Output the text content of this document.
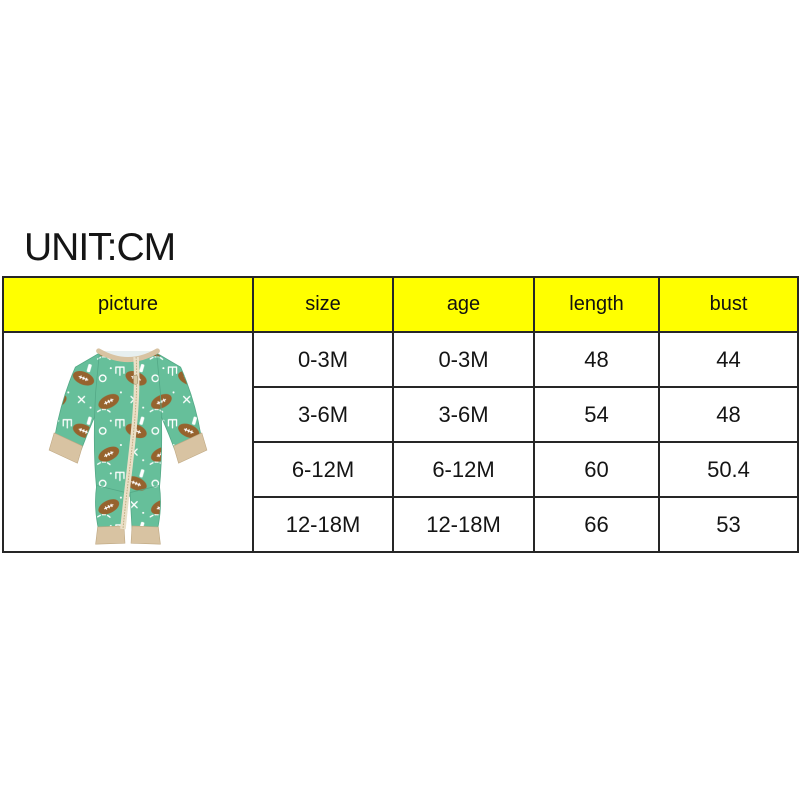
UNIT:CM
picture	size	age	length	bust

	0-3M	0-3M	48	44
	3-6M	3-6M	54	48
	6-12M	6-12M	60	50.4
	12-18M	12-18M	66	53
